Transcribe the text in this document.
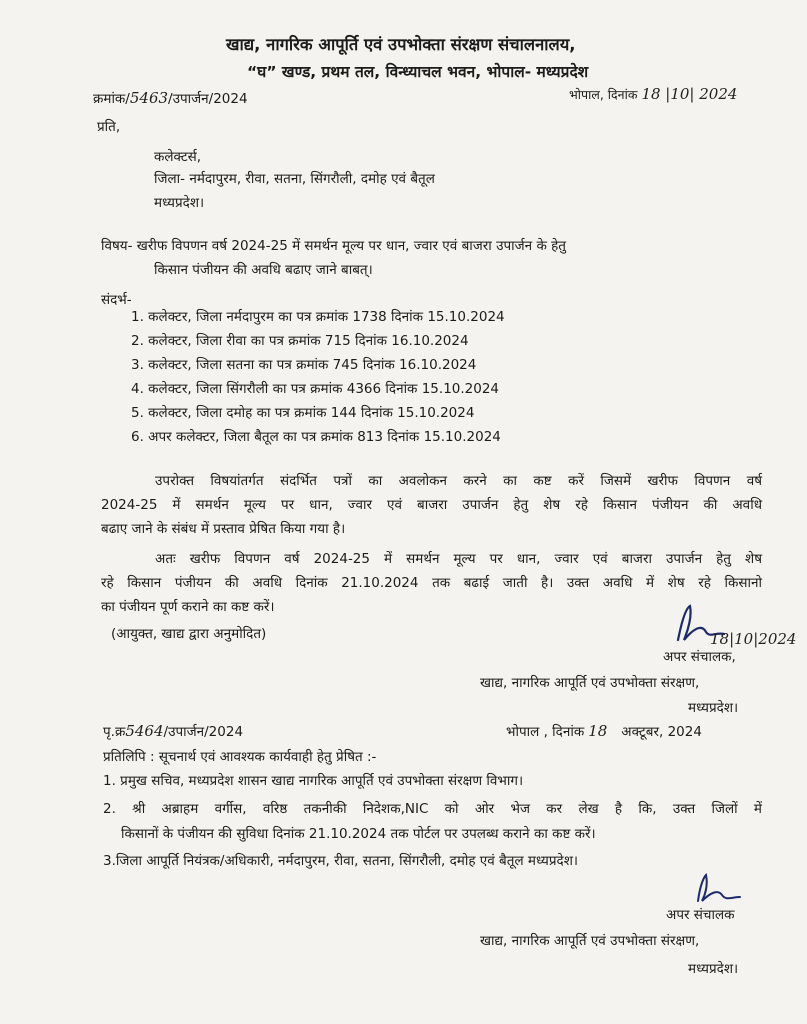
खाद्य, नागरिक आपूर्ति एवं उपभोक्ता संरक्षण संचालनालय,
“घ” खण्ड, प्रथम तल, विन्ध्याचल भवन, भोपाल- मध्यप्रदेश
क्रमांक/5463/उपार्जन/2024	भोपाल, दिनांक 18 |10| 2024
प्रति,
कलेक्टर्स,
जिला- नर्मदापुरम, रीवा, सतना, सिंगरौली, दमोह एवं बैतूल
मध्यप्रदेश।
विषय- खरीफ विपणन वर्ष 2024-25 में समर्थन मूल्य पर धान, ज्वार एवं बाजरा उपार्जन के हेतु
किसान पंजीयन की अवधि बढाए जाने बाबत्।
संदर्भ-
1. कलेक्टर, जिला नर्मदापुरम का पत्र क्रमांक 1738 दिनांक 15.10.2024
2. कलेक्टर, जिला रीवा का पत्र क्रमांक 715 दिनांक 16.10.2024
3. कलेक्टर, जिला सतना का पत्र क्रमांक 745 दिनांक 16.10.2024
4. कलेक्टर, जिला सिंगरौली का पत्र क्रमांक 4366 दिनांक 15.10.2024
5. कलेक्टर, जिला दमोह का पत्र क्रमांक 144 दिनांक 15.10.2024
6. अपर कलेक्टर, जिला बैतूल का पत्र क्रमांक 813 दिनांक 15.10.2024
उपरोक्त विषयांतर्गत संदर्भित पत्रों का अवलोकन करने का कष्ट करें जिसमें खरीफ विपणन वर्ष
2024-25 में समर्थन मूल्य पर धान, ज्वार एवं बाजरा उपार्जन हेतु शेष रहे किसान पंजीयन की अवधि
बढाए जाने के संबंध में प्रस्ताव प्रेषित किया गया है।
अतः खरीफ विपणन वर्ष 2024-25 में समर्थन मूल्य पर धान, ज्वार एवं बाजरा उपार्जन हेतु शेष
रहे किसान पंजीयन की अवधि दिनांक 21.10.2024 तक बढाई जाती है। उक्त अवधि में शेष रहे किसानो
का पंजीयन पूर्ण कराने का कष्ट करें।
(आयुक्त, खाद्य द्वारा अनुमोदित)	18|10|2024
अपर संचालक,
खाद्य, नागरिक आपूर्ति एवं उपभोक्ता संरक्षण,
मध्यप्रदेश।
पृ.क्र5464/उपार्जन/2024	भोपाल , दिनांक 18 अक्टूबर, 2024
प्रतिलिपि : सूचनार्थ एवं आवश्यक कार्यवाही हेतु प्रेषित :-
1. प्रमुख सचिव, मध्यप्रदेश शासन खाद्य नागरिक आपूर्ति एवं उपभोक्ता संरक्षण विभाग।
2. श्री अब्राहम वर्गीस, वरिष्ठ तकनीकी निदेशक,NIC को ओर भेज कर लेख है कि, उक्त जिलों में
किसानों के पंजीयन की सुविधा दिनांक 21.10.2024 तक पोर्टल पर उपलब्ध कराने का कष्ट करें।
3.जिला आपूर्ति नियंत्रक/अधिकारी, नर्मदापुरम, रीवा, सतना, सिंगरौली, दमोह एवं बैतूल मध्यप्रदेश।
अपर संचालक
खाद्य, नागरिक आपूर्ति एवं उपभोक्ता संरक्षण,
मध्यप्रदेश।
